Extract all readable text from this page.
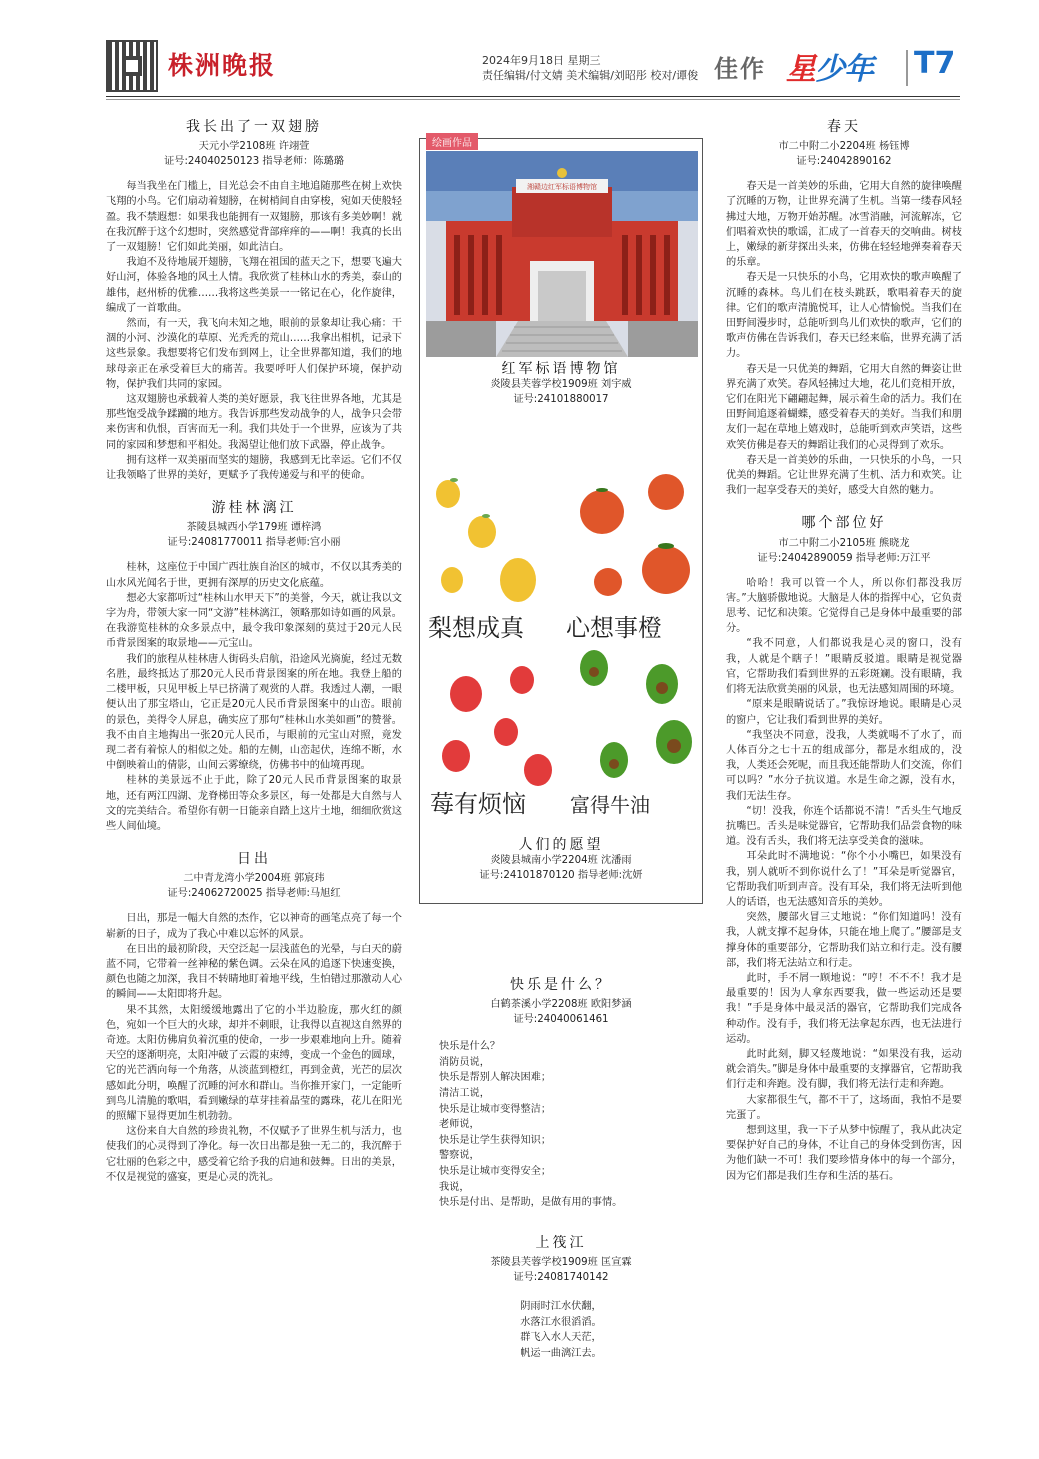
株洲晚报	2024年9月18日 星期三
责任编辑/付文婧 美术编辑/刘昭彤 校对/谭俊 佳作 星少年 T7
我长出了一双翅膀

天元小学2108班 许翊萱

证号:24040250123 指导老师：陈璐璐

每当我坐在门槛上，目光总会不由自主地追随那些在树上欢快飞翔的小鸟。它们扇动着翅膀，在树梢间自由穿梭，宛如天使般轻盈。我不禁遐想：如果我也能拥有一双翅膀，那该有多美妙啊！就在我沉醉于这个幻想时，突然感觉背部痒痒的——啊！我真的长出了一双翅膀！它们如此美丽，如此洁白。

我迫不及待地展开翅膀，飞翔在祖国的蓝天之下，想要飞遍大好山河，体验各地的风土人情。我欣赏了桂林山水的秀美，泰山的雄伟，赵州桥的优雅……我将这些美景一一铭记在心，化作旋律，编成了一首歌曲。

然而，有一天，我飞向未知之地，眼前的景象却让我心痛：干涸的小河、沙漠化的草原、光秃秃的荒山……我拿出相机，记录下这些景象。我想要将它们发布到网上，让全世界都知道，我们的地球母亲正在承受着巨大的痛苦。我要呼吁人们保护环境，保护动物，保护我们共同的家园。

这双翅膀也承载着人类的美好愿景，我飞往世界各地，尤其是那些饱受战争蹂躏的地方。我告诉那些发动战争的人，战争只会带来伤害和仇恨，百害而无一利。我们共处于一个世界，应该为了共同的家园和梦想和平相处。我渴望让他们放下武器，停止战争。

拥有这样一双美丽而坚实的翅膀，我感到无比幸运。它们不仅让我领略了世界的美好，更赋予了我传递爱与和平的使命。

游桂林漓江

茶陵县城西小学179班 谭梓鸿

证号:24081770011 指导老师:宫小丽

桂林，这座位于中国广西壮族自治区的城市，不仅以其秀美的山水风光闻名于世，更拥有深厚的历史文化底蕴。

想必大家都听过“桂林山水甲天下”的美誉，今天，就让我以文字为舟，带领大家一同“文游”桂林漓江，领略那如诗如画的风景。在我游览桂林的众多景点中，最令我印象深刻的莫过于20元人民币背景图案的取景地——元宝山。

我们的旅程从桂林唐人街码头启航，沿途风光旖旎，经过无数名胜，最终抵达了那20元人民币背景图案的所在地。我登上船的二楼甲板，只见甲板上早已挤满了观赏的人群。我透过人潮，一眼便认出了那宝塔山，它正是20元人民币背景图案中的山峦。眼前的景色，美得令人屏息，确实应了那句“桂林山水美如画”的赞誉。我不由自主地掏出一张20元人民币，与眼前的元宝山对照，竟发现二者有着惊人的相似之处。船的左侧，山峦起伏，连绵不断，水中倒映着山的倩影，山间云雾缭绕，仿佛书中的仙境再现。

桂林的美景远不止于此，除了20元人民币背景图案的取景地，还有两江四湖、龙脊梯田等众多景区，每一处都是大自然与人文的完美结合。希望你有朝一日能亲自踏上这片土地，细细欣赏这些人间仙境。

日出

二中青龙湾小学2004班 郭宸玮

证号:24062720025 指导老师:马旭红

日出，那是一幅大自然的杰作，它以神奇的画笔点亮了每一个崭新的日子，成为了我心中难以忘怀的风景。

在日出的最初阶段，天空泛起一层浅蓝色的光晕，与白天的蔚蓝不同，它带着一丝神秘的紫色调。云朵在风的追逐下快速变换，颜色也随之加深，我目不转睛地盯着地平线，生怕错过那激动人心的瞬间——太阳即将升起。

果不其然，太阳缓缓地露出了它的小半边脸庞，那火红的颜色，宛如一个巨大的火球，却并不刺眼，让我得以直视这自然界的奇迹。太阳仿佛肩负着沉重的使命，一步一步艰难地向上升。随着天空的逐渐明亮，太阳冲破了云霞的束缚，变成一个金色的圆球，它的光芒洒向每一个角落，从淡蓝到橙红，再到金黄，光芒的层次感如此分明，唤醒了沉睡的河水和群山。当你推开家门，一定能听到鸟儿清脆的歌唱，看到嫩绿的草芽挂着晶莹的露珠，花儿在阳光的照耀下显得更加生机勃勃。

这份来自大自然的珍贵礼物，不仅赋予了世界生机与活力，也使我们的心灵得到了净化。每一次日出都是独一无二的，我沉醉于它壮丽的色彩之中，感受着它给予我的启迪和鼓舞。日出的美景，不仅是视觉的盛宴，更是心灵的洗礼。

绘画作品
湘赣边红军标语博物馆
红军标语博物馆
炎陵县芙蓉学校1909班 刘宇威
证号:24101880017
梨想成真 心想事橙
莓有烦恼 富得牛油
人们的愿望
炎陵县城南小学2204班 沈潘雨
证号:24101870120 指导老师:沈妍
快乐是什么？

白鹤茶溪小学2208班 欧阳梦涵

证号:24040061461

快乐是什么？

消防员说，

快乐是帮别人解决困难；

清洁工说，

快乐是让城市变得整洁；

老师说，

快乐是让学生获得知识；

警察说，

快乐是让城市变得安全；

我说，

快乐是付出、是帮助，是做有用的事情。

上筏江

茶陵县芙蓉学校1909班 匡宣霖

证号:24081740142

阴雨时江水伏翻，

水落江水很滔滔。

群飞入水人天茫，

帆运一曲漓江去。

春天

市二中附二小2204班 杨钰博

证号:24042890162

春天是一首美妙的乐曲，它用大自然的旋律唤醒了沉睡的万物，让世界充满了生机。当第一缕春风轻拂过大地，万物开始苏醒。冰雪消融，河流解冻，它们唱着欢快的歌谣，汇成了一首春天的交响曲。树枝上，嫩绿的新芽探出头来，仿佛在轻轻地弹奏着春天的乐章。

春天是一只快乐的小鸟，它用欢快的歌声唤醒了沉睡的森林。鸟儿们在枝头跳跃，歌唱着春天的旋律。它们的歌声清脆悦耳，让人心情愉悦。当我们在田野间漫步时，总能听到鸟儿们欢快的歌声，它们的歌声仿佛在告诉我们，春天已经来临，世界充满了活力。

春天是一只优美的舞蹈，它用大自然的舞姿让世界充满了欢笑。春风轻拂过大地，花儿们竞相开放，它们在阳光下翩翩起舞，展示着生命的活力。我们在田野间追逐着蝴蝶，感受着春天的美好。当我们和朋友们一起在草地上嬉戏时，总能听到欢声笑语，这些欢笑仿佛是春天的舞蹈让我们的心灵得到了欢乐。

春天是一首美妙的乐曲，一只快乐的小鸟，一只优美的舞蹈。它让世界充满了生机、活力和欢笑。让我们一起享受春天的美好，感受大自然的魅力。

哪个部位好

市二中附二小2105班 熊晓龙

证号:24042890059 指导老师:万江平

哈哈！我可以管一个人，所以你们都没我厉害。”大脑骄傲地说。大脑是人体的指挥中心，它负责思考、记忆和决策。它觉得自己是身体中最重要的部分。

“我不同意，人们都说我是心灵的窗口，没有我，人就是个瞎子！”眼睛反驳道。眼睛是视觉器官，它帮助我们看到世界的五彩斑斓。没有眼睛，我们将无法欣赏美丽的风景，也无法感知周围的环境。

“原来是眼睛说话了。”我惊讶地说。眼睛是心灵的窗户，它让我们看到世界的美好。

“我坚决不同意，没我，人类就喝不了水了，而人体百分之七十五的组成部分，都是水组成的，没我，人类还会死呢，而且我还能帮助人们交流，你们可以吗？”水分子抗议道。水是生命之源，没有水，我们无法生存。

“切！没我，你连个话都说不清！”舌头生气地反抗嘴巴。舌头是味觉器官，它帮助我们品尝食物的味道。没有舌头，我们将无法享受美食的滋味。

耳朵此时不满地说：“你个小小嘴巴，如果没有我，别人就听不到你说什么了！”耳朵是听觉器官，它帮助我们听到声音。没有耳朵，我们将无法听到他人的话语，也无法感知音乐的美妙。

突然，腰部火冒三丈地说：“你们知道吗！没有我，人就支撑不起身体，只能在地上爬了。”腰部是支撑身体的重要部分，它帮助我们站立和行走。没有腰部，我们将无法站立和行走。

此时，手不屑一顾地说：“哼！不不不！我才是最重要的！因为人拿东西要我，做一些运动还是要我！”手是身体中最灵活的器官，它帮助我们完成各种动作。没有手，我们将无法拿起东西，也无法进行运动。

此时此刻，脚又轻蔑地说：“如果没有我，运动就会消失。”脚是身体中最重要的支撑器官，它帮助我们行走和奔跑。没有脚，我们将无法行走和奔跑。

大家都很生气，都不干了，这场面，我怕不是要完蛋了。

想到这里，我一下子从梦中惊醒了，我从此决定要保护好自己的身体，不让自己的身体受到伤害，因为他们缺一不可！我们要珍惜身体中的每一个部分，因为它们都是我们生存和生活的基石。
